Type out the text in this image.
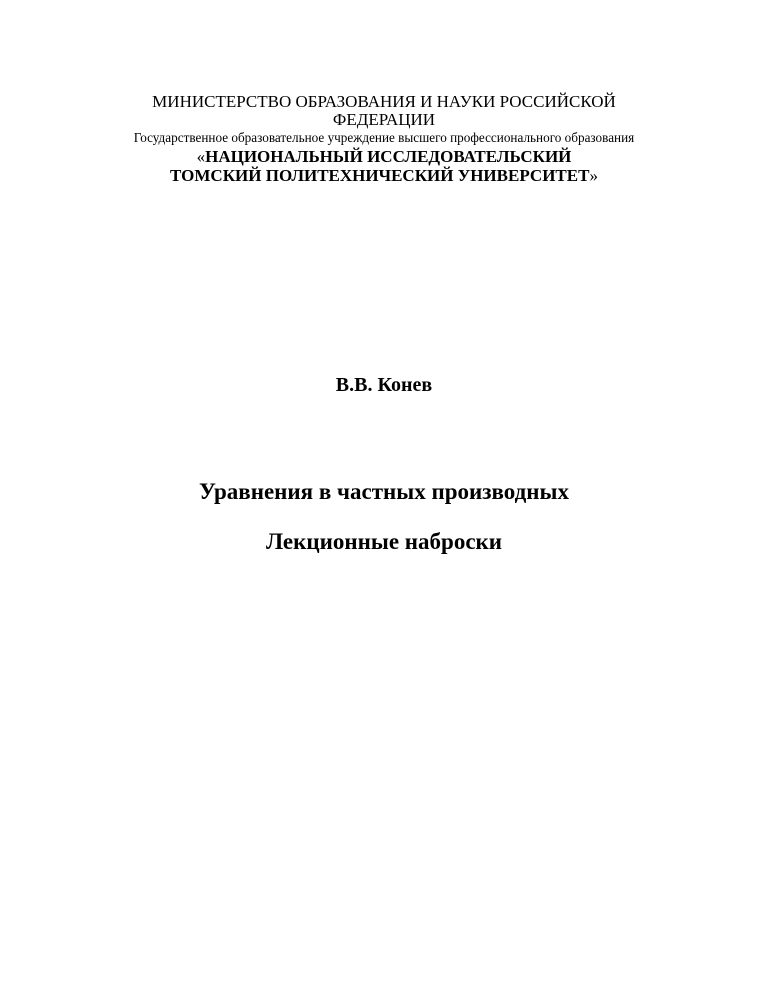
МИНИСТЕРСТВО ОБРАЗОВАНИЯ И НАУКИ РОССИЙСКОЙ
ФЕДЕРАЦИИ
Государственное образовательное учреждение высшего профессионального образования
«НАЦИОНАЛЬНЫЙ ИССЛЕДОВАТЕЛЬСКИЙ
ТОМСКИЙ ПОЛИТЕХНИЧЕСКИЙ УНИВЕРСИТЕТ»
В.В. Конев
Уравнения в частных производных
Лекционные наброски
